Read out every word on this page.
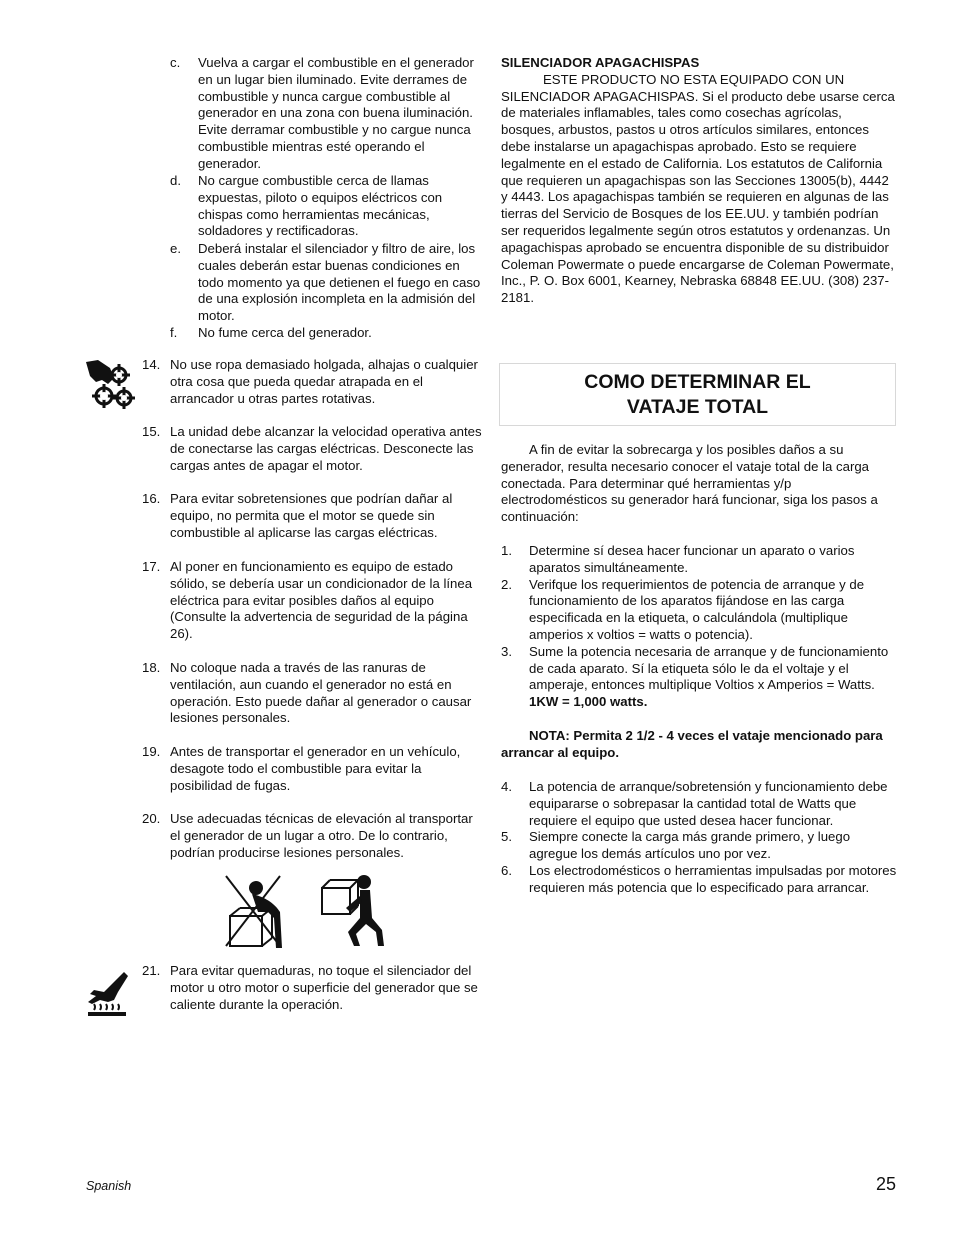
c. Vuelva a cargar el combustible en el generador en un lugar bien iluminado. Evite derrames de combustible y nunca cargue combustible al generador en una zona con buena iluminación. Evite derramar combustible y no cargue nunca combustible mientras esté operando el generador.
d. No cargue combustible cerca de llamas expuestas, piloto o equipos eléctricos con chispas como herramientas mecánicas, soldadores y rectificadoras.
e. Deberá instalar el silenciador y filtro de aire, los cuales deberán estar buenas condiciones en todo momento ya que detienen el fuego en caso de una explosión incompleta en la admisión del motor.
f. No fume cerca del generador.
14. No use ropa demasiado holgada, alhajas o cualquier otra cosa que pueda quedar atrapada en el arrancador u otras partes rotativas.
15. La unidad debe alcanzar la velocidad operativa antes de conectarse las cargas eléctricas. Desconecte las cargas antes de apagar el motor.
16. Para evitar sobretensiones que podrían dañar al equipo, no permita que el motor se quede sin combustible al aplicarse las cargas eléctricas.
17. Al poner en funcionamiento es equipo de estado sólido, se debería usar un condicionador de la línea eléctrica para evitar posibles daños al equipo (Consulte la advertencia de seguridad de la página 26).
18. No coloque nada a través de las ranuras de ventilación, aun cuando el generador no está en operación. Esto puede dañar al generador o causar lesiones personales.
19. Antes de transportar el generador en un vehículo, desagote todo el combustible para evitar la posibilidad de fugas.
20. Use adecuadas técnicas de elevación al transportar el generador de un lugar a otro. De lo contrario, podrían producirse lesiones personales.
21. Para evitar quemaduras, no toque el silenciador del motor u otro motor o superficie del generador que se caliente durante la operación.
SILENCIADOR APAGACHISPAS
ESTE PRODUCTO NO ESTA EQUIPADO CON UN SILENCIADOR APAGACHISPAS. Si el producto debe usarse cerca de materiales inflamables, tales como cosechas agrícolas, bosques, arbustos, pastos u otros artículos similares, entonces debe instalarse un apagachispas aprobado. Esto se requiere legalmente en el estado de California. Los estatutos de California que requieren un apagachispas son las Secciones 13005(b), 4442 y 4443. Los apagachispas también se requieren en algunas de las tierras del Servicio de Bosques de los EE.UU. y también podrían ser requeridos legalmente según otros estatutos y ordenanzas. Un apagachispas aprobado se encuentra disponible de su distribuidor Coleman Powermate o puede encargarse de Coleman Powermate, Inc., P. O. Box 6001, Kearney, Nebraska 68848 EE.UU. (308) 237-2181.
COMO DETERMINAR EL
VATAJE TOTAL
A fin de evitar la sobrecarga y los posibles daños a su generador, resulta necesario conocer el vataje total de la carga conectada. Para determinar qué herramientas y/p electrodomésticos su generador hará funcionar, siga los pasos a continuación:
1. Determine sí desea hacer funcionar un aparato o varios aparatos simultáneamente.
2. Verifque los requerimientos de potencia de arranque y de funcionamiento de los aparatos fijándose en las carga especificada en la etiqueta, o calculándola (multiplique amperios x voltios = watts o potencia).
3. Sume la potencia necesaria de arranque y de funcionamiento de cada aparato. Sí la etiqueta sólo le da el voltaje y el amperaje, entonces multiplique Voltios x Amperios = Watts. 1KW = 1,000 watts.
NOTA: Permita 2 1/2 - 4 veces el vataje mencionado para arrancar al equipo.
4. La potencia de arranque/sobretensión y funcionamiento debe equipararse o sobrepasar la cantidad total de Watts que requiere el equipo que usted desea hacer funcionar.
5. Siempre conecte la carga más grande primero, y luego agregue los demás artículos uno por vez.
6. Los electrodomésticos o herramientas impulsadas por motores requieren más potencia que lo especificado para arrancar.
Spanish	25
